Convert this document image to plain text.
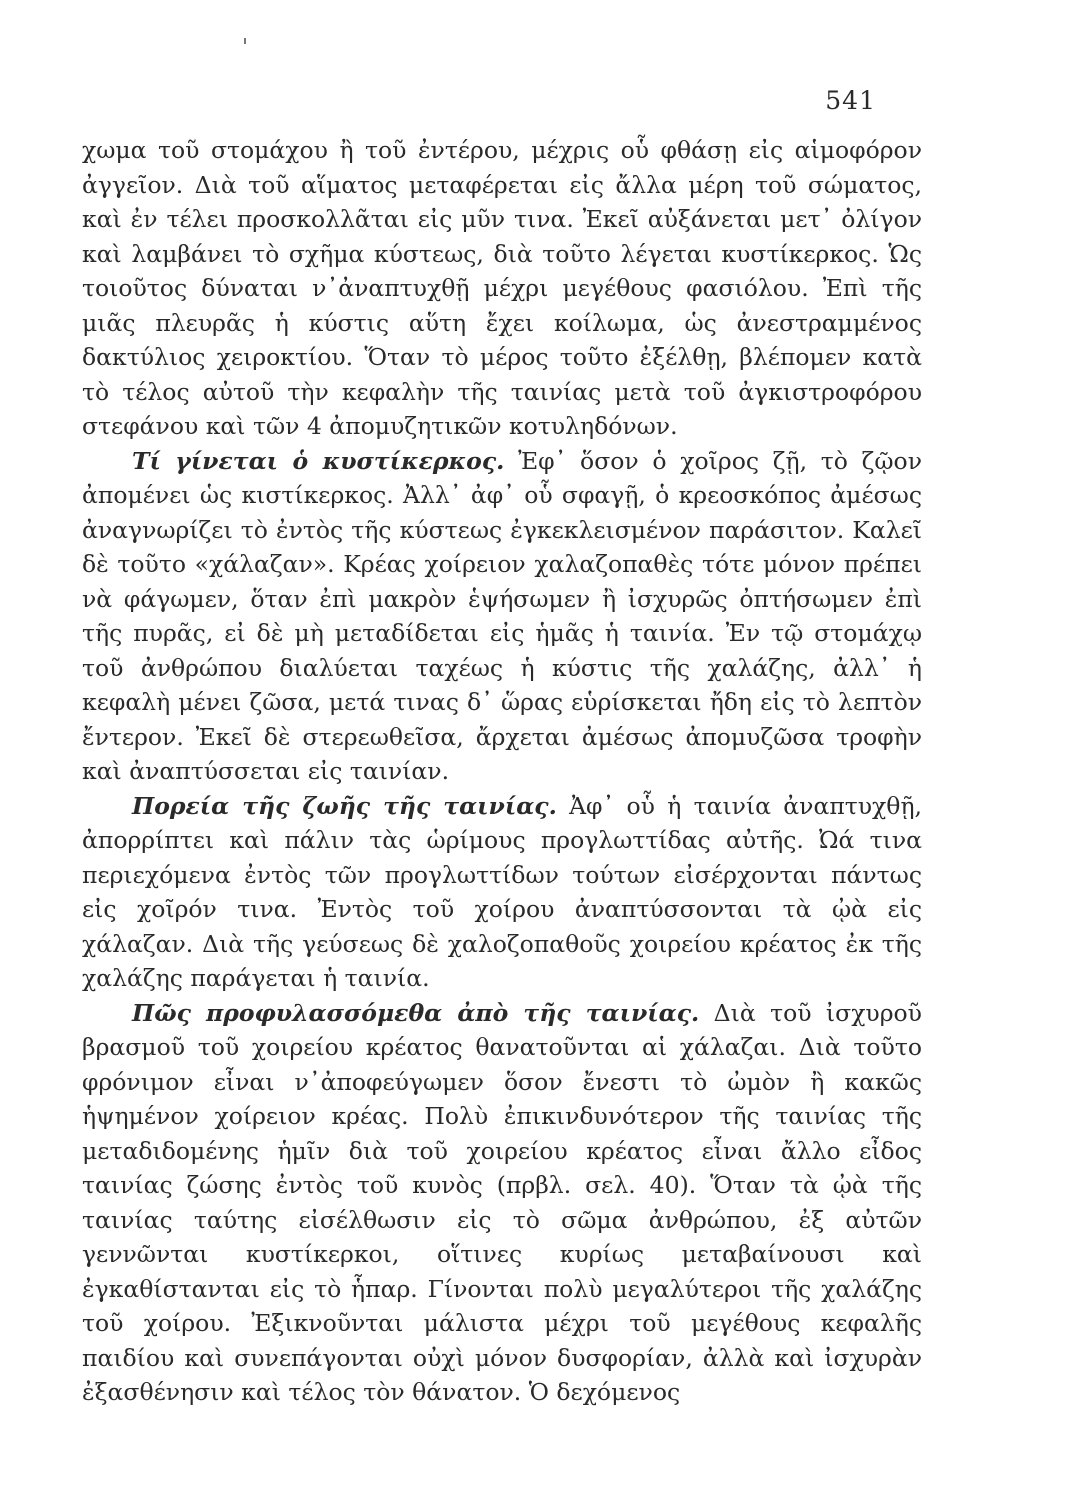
541

χωμα τοῦ στομάχου ἢ τοῦ ἐντέρου, μέχρις οὗ φθάσῃ εἰς αἱμοφόρον ἀγγεῖον. Διὰ τοῦ αἵματος μεταφέρεται εἰς ἄλλα μέρη τοῦ σώματος, καὶ ἐν τέλει προσκολλᾶται εἰς μῦν τινα. Ἐκεῖ αὐξάνεται μετ᾽ ὀλίγον καὶ λαμβάνει τὸ σχῆμα κύστεως, διὰ τοῦτο λέγεται κυστίκερκος. Ὡς τοιοῦτος δύναται ν᾽ἀναπτυχθῇ μέχρι μεγέθους φασιόλου. Ἐπὶ τῆς μιᾶς πλευρᾶς ἡ κύστις αὕτη ἔχει κοίλωμα, ὡς ἀνεστραμμένος δακτύλιος χειροκτίου. Ὅταν τὸ μέρος τοῦτο ἐξέλθῃ, βλέπομεν κατὰ τὸ τέλος αὐτοῦ τὴν κεφαλὴν τῆς ταινίας μετὰ τοῦ ἀγκιστροφόρου στεφάνου καὶ τῶν 4 ἀπομυζητικῶν κοτυληδόνων.

Τί γίνεται ὁ κυστίκερκος. Ἐφ᾽ ὅσον ὁ χοῖρος ζῇ, τὸ ζῷον ἀπομένει ὡς κιστίκερκος. Ἀλλ᾽ ἀφ᾽ οὗ σφαγῇ, ὁ κρεοσκόπος ἀμέσως ἀναγνωρίζει τὸ ἐντὸς τῆς κύστεως ἐγκεκλεισμένον παράσιτον. Καλεῖ δὲ τοῦτο «χάλαζαν». Κρέας χοίρειον χαλαζοπαθὲς τότε μόνον πρέπει νὰ φάγωμεν, ὅταν ἐπὶ μακρὸν ἑψήσωμεν ἢ ἰσχυρῶς ὀπτήσωμεν ἐπὶ τῆς πυρᾶς, εἰ δὲ μὴ μεταδίδεται εἰς ἡμᾶς ἡ ταινία. Ἐν τῷ στομάχῳ τοῦ ἀνθρώπου διαλύεται ταχέως ἡ κύστις τῆς χαλάζης, ἀλλ᾽ ἡ κεφαλὴ μένει ζῶσα, μετά τινας δ᾽ ὥρας εὑρίσκεται ἤδη εἰς τὸ λεπτὸν ἔντερον. Ἐκεῖ δὲ στερεωθεῖσα, ἄρχεται ἀμέσως ἀπομυζῶσα τροφὴν καὶ ἀναπτύσσεται εἰς ταινίαν.

Πορεία τῆς ζωῆς τῆς ταινίας. Ἀφ᾽ οὗ ἡ ταινία ἀναπτυχθῇ, ἀπορρίπτει καὶ πάλιν τὰς ὡρίμους προγλωττίδας αὐτῆς. Ὠά τινα περιεχόμενα ἐντὸς τῶν προγλωττίδων τούτων εἰσέρχονται πάντως εἰς χοῖρόν τινα. Ἐντὸς τοῦ χοίρου ἀναπτύσσονται τὰ ᾠὰ εἰς χάλαζαν. Διὰ τῆς γεύσεως δὲ χαλοζοπαθοῦς χοιρείου κρέατος ἐκ τῆς χαλάζης παράγεται ἡ ταινία.

Πῶς προφυλασσόμεθα ἀπὸ τῆς ταινίας. Διὰ τοῦ ἰσχυροῦ βρασμοῦ τοῦ χοιρείου κρέατος θανατοῦνται αἱ χάλαζαι. Διὰ τοῦτο φρόνιμον εἶναι ν᾽ἀποφεύγωμεν ὅσον ἔνεστι τὸ ὠμὸν ἢ κακῶς ἡψημένον χοίρειον κρέας. Πολὺ ἐπικινδυνότερον τῆς ταινίας τῆς μεταδιδομένης ἡμῖν διὰ τοῦ χοιρείου κρέατος εἶναι ἄλλο εἶδος ταινίας ζώσης ἐντὸς τοῦ κυνὸς (πρβλ. σελ. 40). Ὅταν τὰ ᾠὰ τῆς ταινίας ταύτης εἰσέλθωσιν εἰς τὸ σῶμα ἀνθρώπου, ἐξ αὐτῶν γεννῶνται κυστίκερκοι, οἵτινες κυρίως μεταβαίνουσι καὶ ἐγκαθίστανται εἰς τὸ ἧπαρ. Γίνονται πολὺ μεγαλύτεροι τῆς χαλάζης τοῦ χοίρου. Ἐξικνοῦνται μάλιστα μέχρι τοῦ μεγέθους κεφαλῆς παιδίου καὶ συνεπάγονται οὐχὶ μόνον δυσφορίαν, ἀλλὰ καὶ ἰσχυρὰν ἐξασθένησιν καὶ τέλος τὸν θάνατον. Ὁ δεχόμενος
